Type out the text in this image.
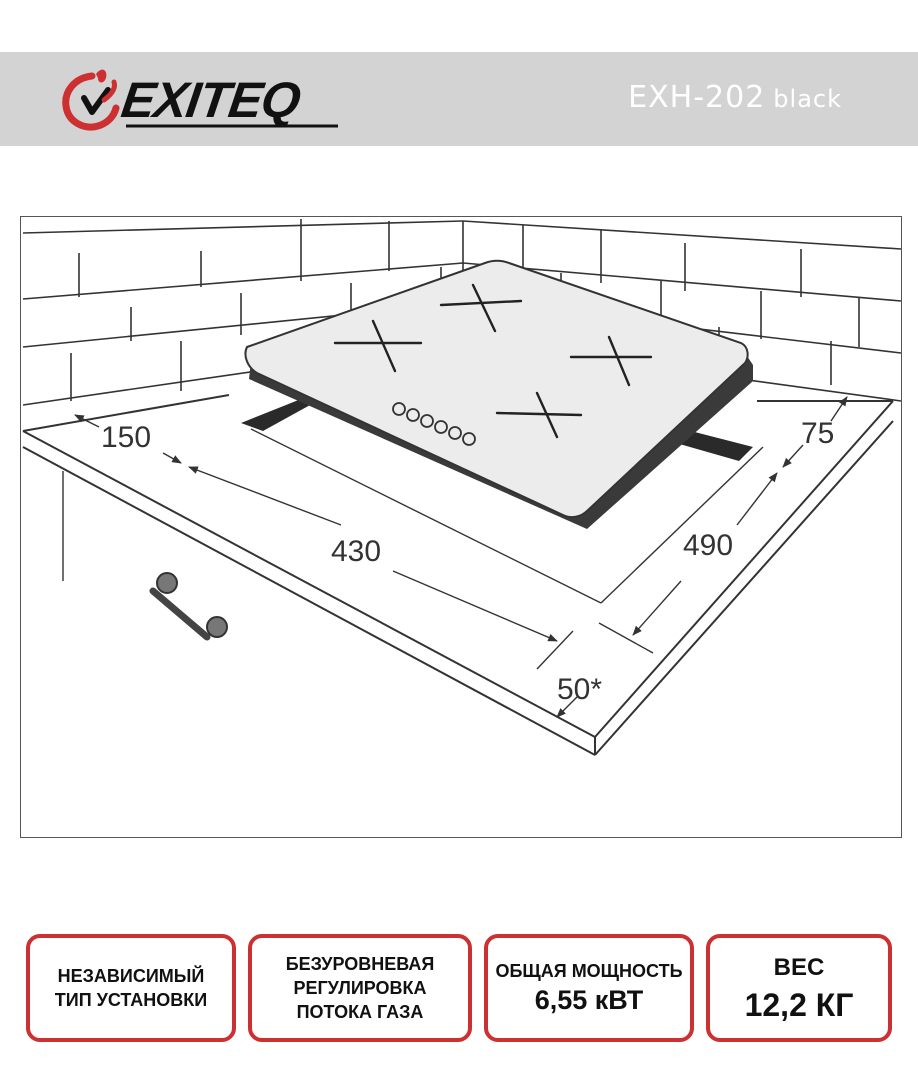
EXITEQ	EXH-202 black
150	75
430	490
50*
НЕЗАВИСИМЫЙ
ТИП УСТАНОВКИ
БЕЗУРОВНЕВАЯ
РЕГУЛИРОВКА
ПОТОКА ГАЗА
ОБЩАЯ МОЩНОСТЬ
6,55 кВТ
ВЕС
12,2 КГ
